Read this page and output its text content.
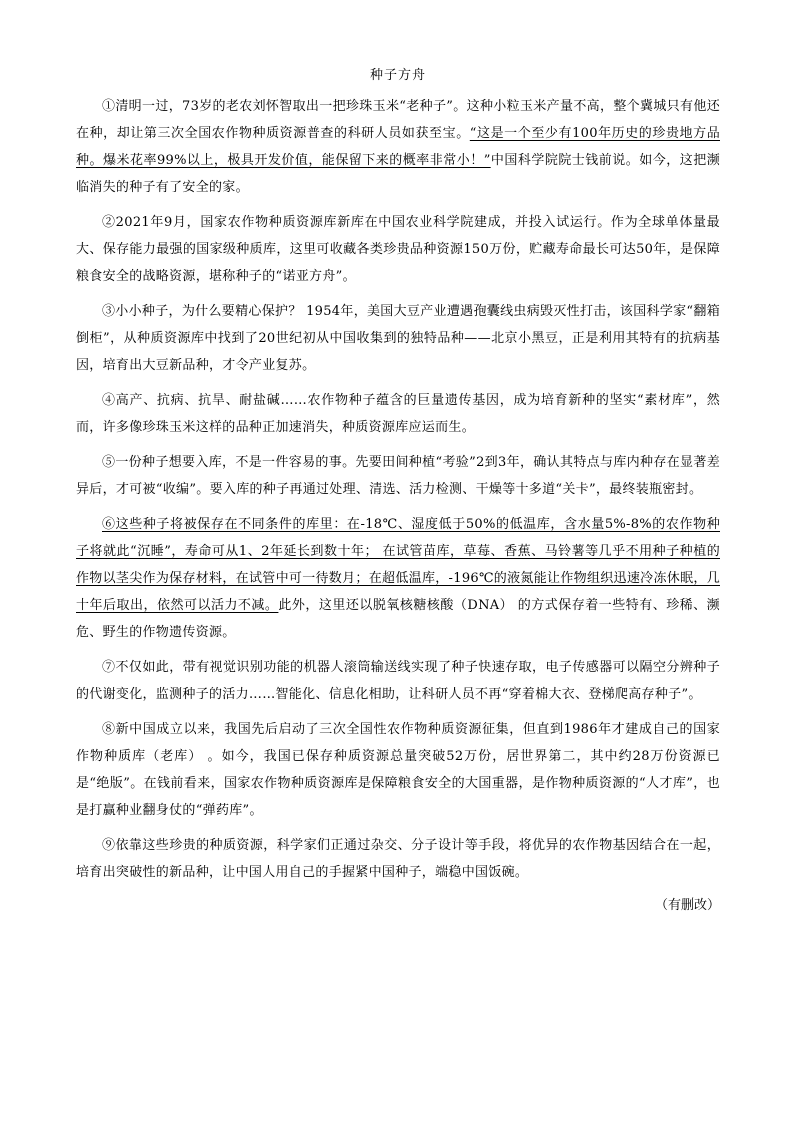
种子方舟

①清明一过，73岁的老农刘怀智取出一把珍珠玉米“老种子”。这种小粒玉米产量不高，整个冀城只有他还在种，却让第三次全国农作物种质资源普查的科研人员如获至宝。“这是一个至少有100年历史的珍贵地方品种。爆米花率99%以上，极具开发价值，能保留下来的概率非常小！”中国科学院院士钱前说。如今，这把濒临消失的种子有了安全的家。

②2021年9月，国家农作物种质资源库新库在中国农业科学院建成，并投入试运行。作为全球单体量最大、保存能力最强的国家级种质库，这里可收藏各类珍贵品种资源150万份，贮藏寿命最长可达50年，是保障粮食安全的战略资源，堪称种子的“诺亚方舟”。

③小小种子，为什么要精心保护？ 1954年，美国大豆产业遭遇孢囊线虫病毁灭性打击，该国科学家“翻箱倒柜”，从种质资源库中找到了20世纪初从中国收集到的独特品种——北京小黑豆，正是利用其特有的抗病基因，培育出大豆新品种，才令产业复苏。

④高产、抗病、抗旱、耐盐碱……农作物种子蕴含的巨量遗传基因，成为培育新种的坚实“素材库”，然而，许多像珍珠玉米这样的品种正加速消失，种质资源库应运而生。

⑤一份种子想要入库，不是一件容易的事。先要田间种植“考验”2到3年，确认其特点与库内种存在显著差异后，才可被“收编”。要入库的种子再通过处理、清选、活力检测、干燥等十多道“关卡”，最终装瓶密封。

⑥这些种子将被保存在不同条件的库里：在-18℃、湿度低于50%的低温库，含水量5%-8%的农作物种子将就此“沉睡”，寿命可从1、2年延长到数十年； 在试管苗库，草莓、香蕉、马铃薯等几乎不用种子种植的作物以茎尖作为保存材料，在试管中可一待数月；在超低温库，-196℃的液氮能让作物组织迅速冷冻休眠，几十年后取出，依然可以活力不减。此外，这里还以脱氧核糖核酸（DNA） 的方式保存着一些特有、珍稀、濒危、野生的作物遗传资源。

⑦不仅如此，带有视觉识别功能的机器人滚筒输送线实现了种子快速存取，电子传感器可以隔空分辨种子的代谢变化，监测种子的活力……智能化、信息化相助，让科研人员不再“穿着棉大衣、登梯爬高存种子”。

⑧新中国成立以来，我国先后启动了三次全国性农作物种质资源征集，但直到1986年才建成自己的国家作物种质库（老库） 。如今，我国已保存种质资源总量突破52万份，居世界第二，其中约28万份资源已是“绝版”。在钱前看来，国家农作物种质资源库是保障粮食安全的大国重器，是作物种质资源的“人才库”，也是打赢种业翻身仗的“弹药库”。

⑨依靠这些珍贵的种质资源，科学家们正通过杂交、分子设计等手段，将优异的农作物基因结合在一起，培育出突破性的新品种，让中国人用自己的手握紧中国种子，端稳中国饭碗。

（有删改）
